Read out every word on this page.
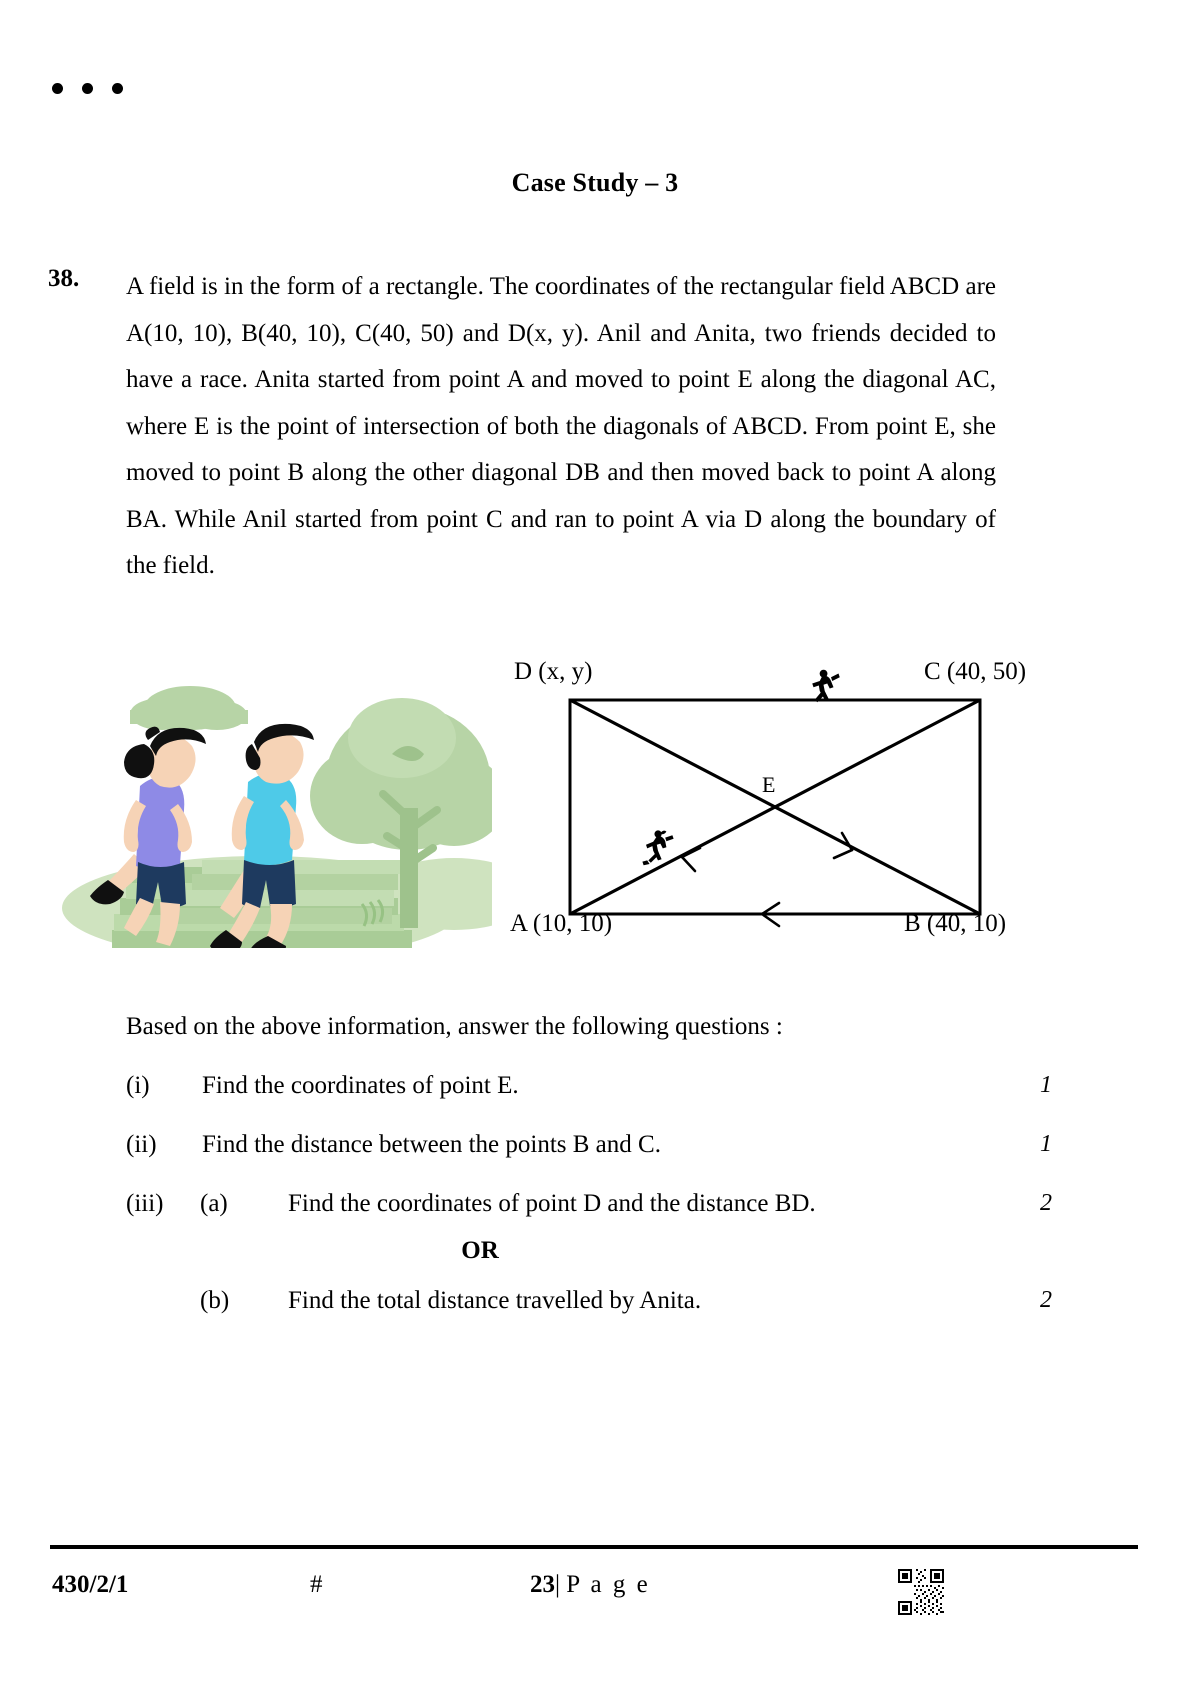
Case Study – 3
38. A field is in the form of a rectangle. The coordinates of the rectangular field ABCD are A(10, 10), B(40, 10), C(40, 50) and D(x, y). Anil and Anita, two friends decided to have a race. Anita started from point A and moved to point E along the diagonal AC, where E is the point of intersection of both the diagonals of ABCD. From point E, she moved to point B along the other diagonal DB and then moved back to point A along BA. While Anil started from point C and ran to point A via D along the boundary of the field.
D (x, y)	C (40, 50)
A (10, 10)	B (40, 10)
E
Based on the above information, answer the following questions :
(i)	Find the coordinates of point E.	1
(ii)	Find the distance between the points B and C.	1
(iii)	(a)	Find the coordinates of point D and the distance BD.	2
OR
(b)	Find the total distance travelled by Anita.	2
430/2/1	#	23| P a g e
